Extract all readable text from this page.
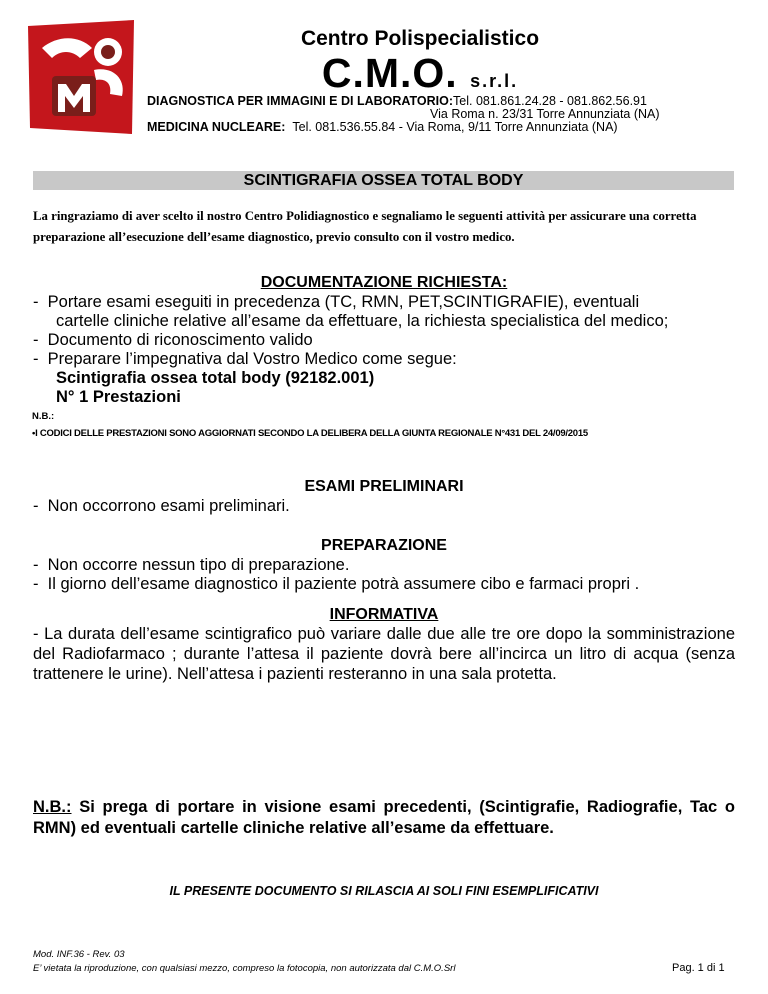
Centro Polispecialistico
C.M.O. s.r.l.
DIAGNOSTICA PER IMMAGINI E DI LABORATORIO:Tel. 081.861.24.28 - 081.862.56.91
Via Roma n. 23/31 Torre Annunziata (NA)
MEDICINA NUCLEARE: Tel. 081.536.55.84 - Via Roma, 9/11 Torre Annunziata (NA)
SCINTIGRAFIA OSSEA TOTAL BODY
La ringraziamo di aver scelto il nostro Centro Polidiagnostico e segnaliamo le seguenti attività per assicurare una corretta preparazione all’esecuzione dell’esame diagnostico, previo consulto con il vostro medico.
DOCUMENTAZIONE RICHIESTA:
-  Portare esami eseguiti in precedenza (TC, RMN, PET,SCINTIGRAFIE), eventuali
cartelle cliniche relative all’esame da effettuare, la richiesta specialistica del medico;
-  Documento di riconoscimento valido
-  Preparare l’impegnativa dal Vostro Medico come segue:
Scintigrafia ossea total body (92182.001)
N° 1 Prestazioni
N.B.:
•I CODICI DELLE PRESTAZIONI SONO AGGIORNATI SECONDO LA DELIBERA DELLA GIUNTA REGIONALE N°431 DEL 24/09/2015
ESAMI PRELIMINARI
-  Non occorrono esami preliminari.
PREPARAZIONE
-  Non occorre nessun tipo di preparazione.
-  Il giorno dell’esame diagnostico il paziente potrà assumere cibo e farmaci propri .
INFORMATIVA
- La durata dell’esame scintigrafico può variare dalle due alle tre ore dopo la somministrazione del Radiofarmaco ; durante l’attesa il paziente dovrà bere all’incirca un litro di acqua (senza trattenere le urine). Nell’attesa i pazienti resteranno in una sala protetta.
N.B.: Si prega di portare in visione esami precedenti, (Scintigrafie, Radiografie, Tac o RMN) ed eventuali cartelle cliniche relative all’esame da effettuare.
IL PRESENTE DOCUMENTO SI RILASCIA AI SOLI FINI ESEMPLIFICATIVI
Mod. INF.36 - Rev. 03
E’ vietata la riproduzione, con qualsiasi mezzo, compreso la fotocopia, non autorizzata dal C.M.O.Srl	Pag. 1 di 1
